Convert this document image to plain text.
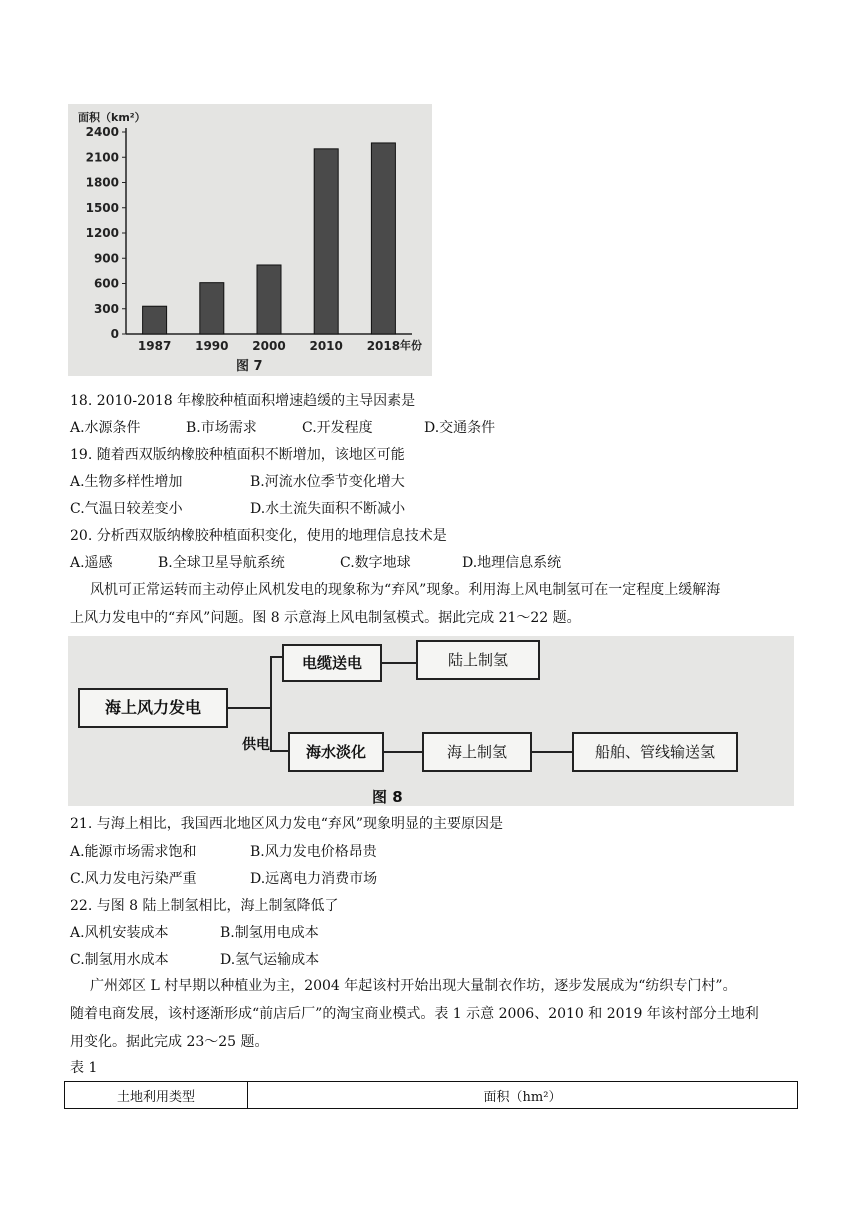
面积（km²）
年份
图 7
0
300
600
900
1200
1500
1800
2100
2400
1987 1990 2000 2010 2018
18. 2010-2018 年橡胶种植面积增速趋缓的主导因素是
A.水源条件	B.市场需求	C.开发程度	D.交通条件
19. 随着西双版纳橡胶种植面积不断增加，该地区可能
A.生物多样性增加	B.河流水位季节变化增大
C.气温日较差变小	D.水土流失面积不断减小
20. 分析西双版纳橡胶种植面积变化，使用的地理信息技术是
A.遥感	B.全球卫星导航系统	C.数字地球	D.地理信息系统
风机可正常运转而主动停止风机发电的现象称为“弃风”现象。利用海上风电制氢可在一定程度上缓解海
上风力发电中的“弃风”问题。图 8 示意海上风电制氢模式。据此完成 21～22 题。
海上风力发电
电缆送电	陆上制氢
供电	海水淡化	海上制氢	船舶、管线输送氢
图 8
21. 与海上相比，我国西北地区风力发电“弃风”现象明显的主要原因是
A.能源市场需求饱和	B.风力发电价格昂贵
C.风力发电污染严重	D.远离电力消费市场
22. 与图 8 陆上制氢相比，海上制氢降低了
A.风机安装成本	B.制氢用电成本
C.制氢用水成本	D.氢气运输成本
广州郊区 L 村早期以种植业为主，2004 年起该村开始出现大量制衣作坊，逐步发展成为“纺织专门村”。
随着电商发展，该村逐渐形成“前店后厂”的淘宝商业模式。表 1 示意 2006、2010 和 2019 年该村部分土地利
用变化。据此完成 23～25 题。
表 1
土地利用类型	面积（hm²）
